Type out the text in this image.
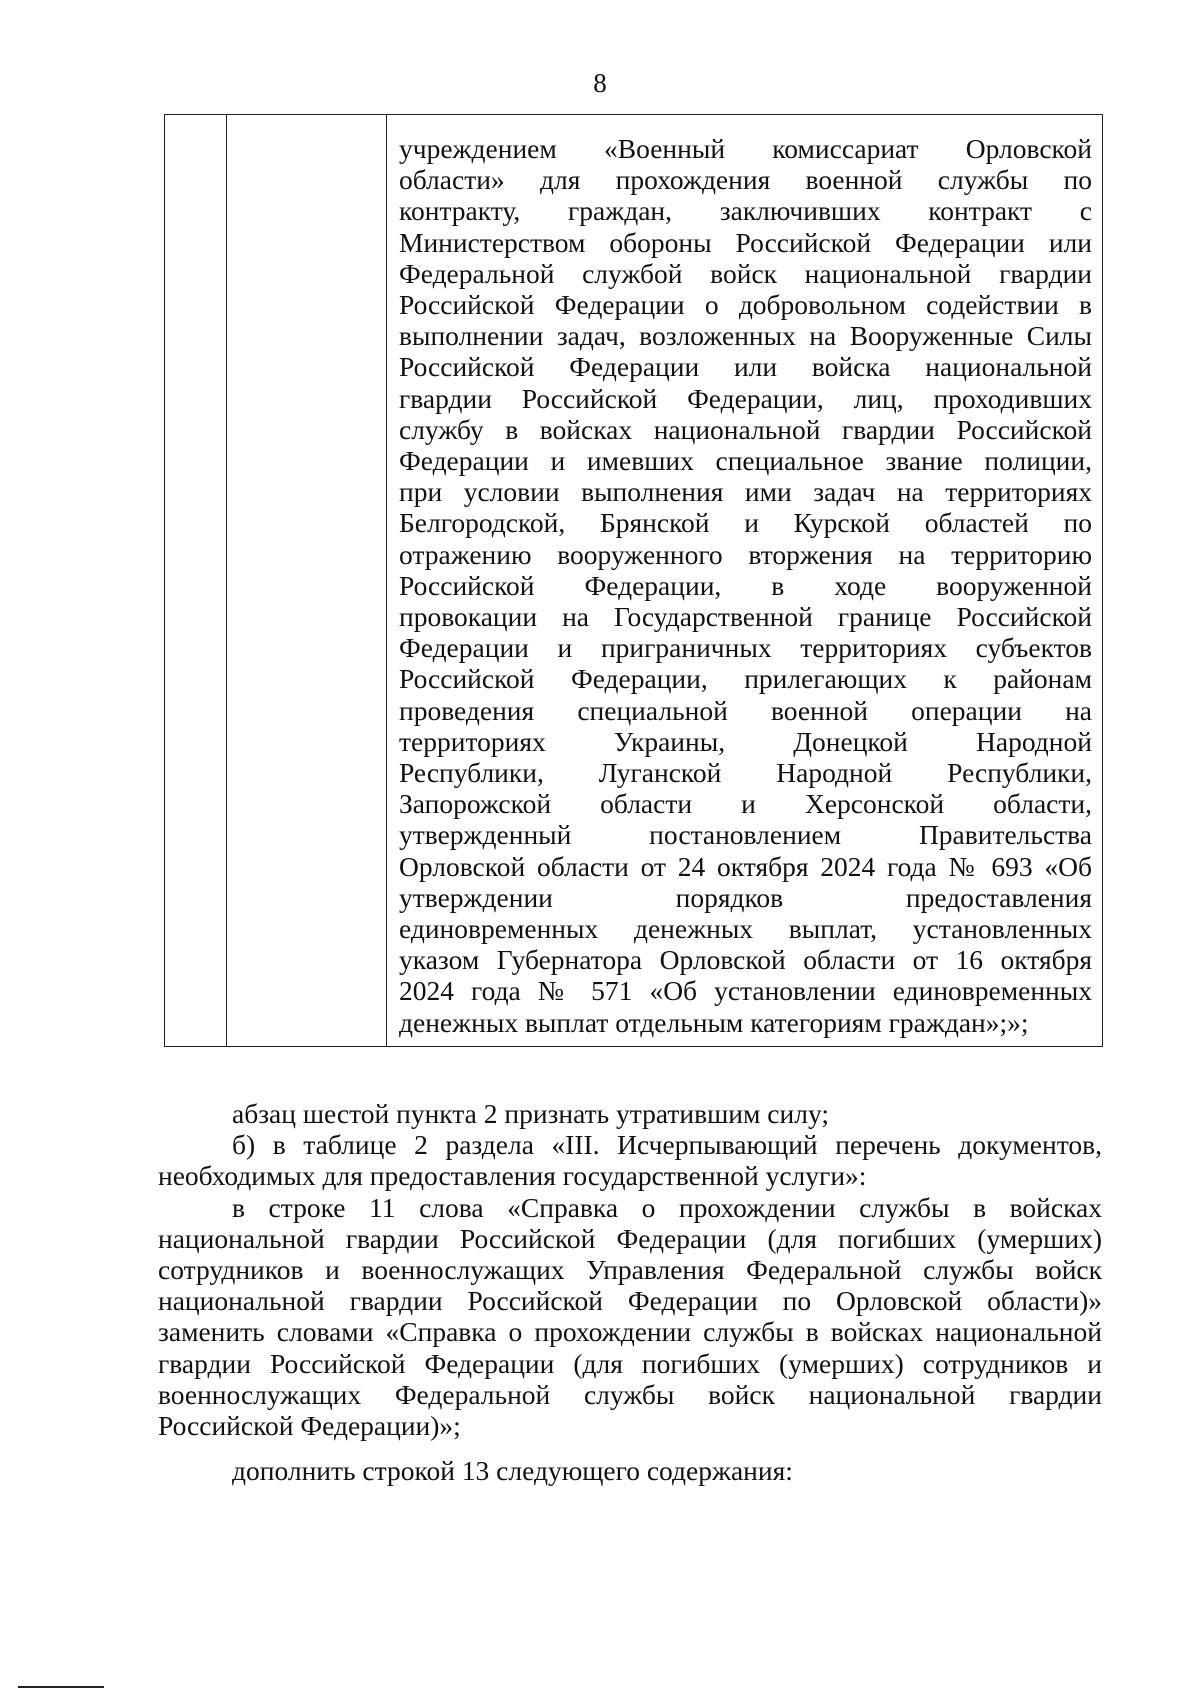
8

учреждением «Военный комиссариат Орловской
области» для прохождения военной службы по
контракту, граждан, заключивших контракт с
Министерством обороны Российской Федерации или
Федеральной службой войск национальной гвардии
Российской Федерации о добровольном содействии в
выполнении задач, возложенных на Вооруженные Силы
Российской Федерации или войска национальной
гвардии Российской Федерации, лиц, проходивших
службу в войсках национальной гвардии Российской
Федерации и имевших специальное звание полиции,
при условии выполнения ими задач на территориях
Белгородской, Брянской и Курской областей по
отражению вооруженного вторжения на территорию
Российской Федерации, в ходе вооруженной
провокации на Государственной границе Российской
Федерации и приграничных территориях субъектов
Российской Федерации, прилегающих к районам
проведения специальной военной операции на
территориях Украины, Донецкой Народной
Республики, Луганской Народной Республики,
Запорожской области и Херсонской области,
утвержденный постановлением Правительства
Орловской области от 24 октября 2024 года № 693 «Об
утверждении порядков предоставления
единовременных денежных выплат, установленных
указом Губернатора Орловской области от 16 октября
2024 года № 571 «Об установлении единовременных
денежных выплат отдельным категориям граждан»;»;

абзац шестой пункта 2 признать утратившим силу;

б) в таблице 2 раздела «III. Исчерпывающий перечень документов, необходимых для предоставления государственной услуги»:

в строке 11 слова «Справка о прохождении службы в войсках национальной гвардии Российской Федерации (для погибших (умерших) сотрудников и военнослужащих Управления Федеральной службы войск национальной гвардии Российской Федерации по Орловской области)» заменить словами «Справка о прохождении службы в войсках национальной гвардии Российской Федерации (для погибших (умерших) сотрудников и военнослужащих Федеральной службы войск национальной гвардии Российской Федерации)»;

дополнить строкой 13 следующего содержания:
